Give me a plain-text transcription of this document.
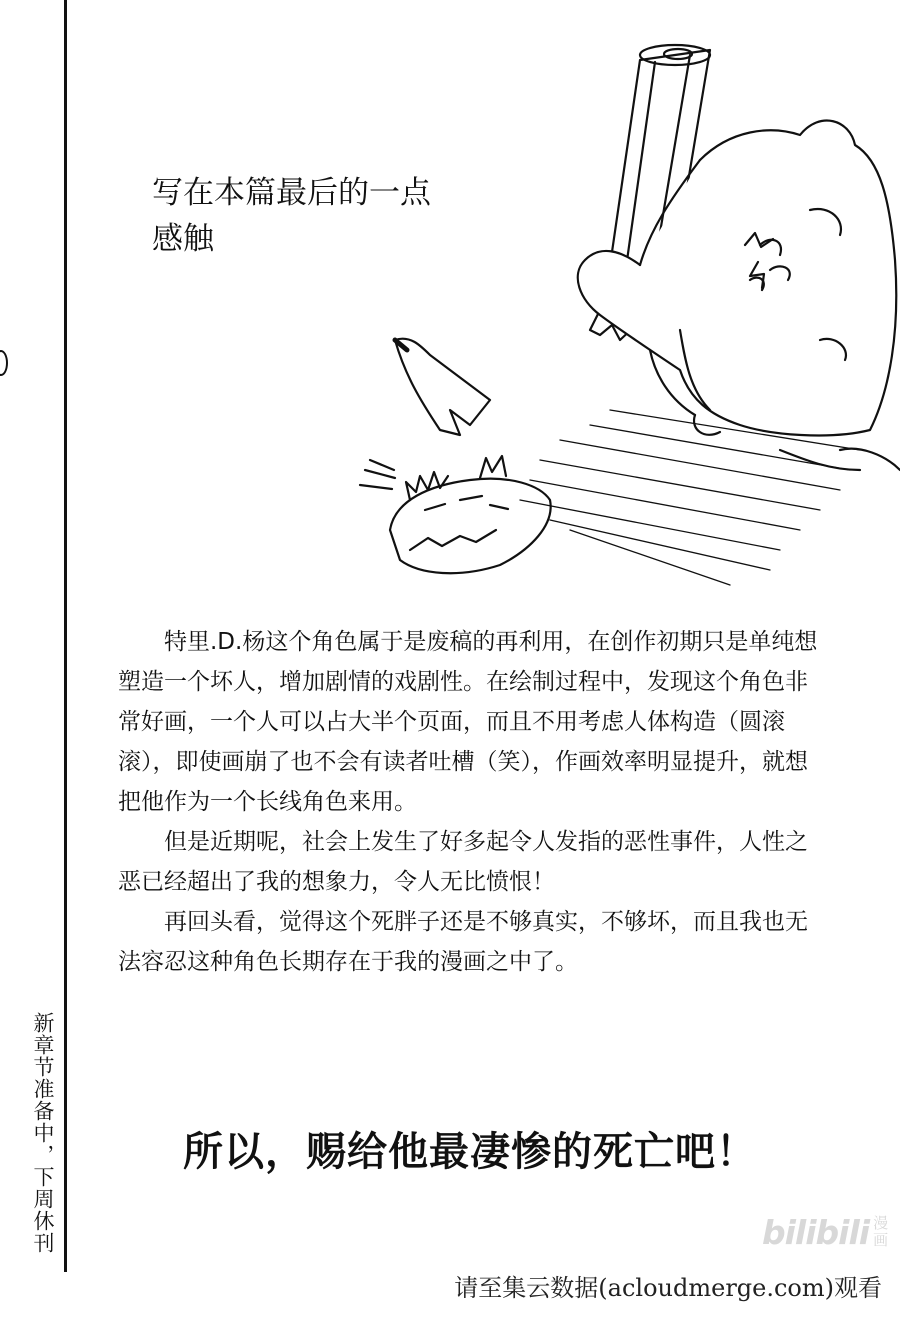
新章节准备中，下周休刊
写在本篇最后的一点
感触

特里.D.杨这个角色属于是废稿的再利用，在创作初期只是单纯想塑造一个坏人，增加剧情的戏剧性。在绘制过程中，发现这个角色非常好画，一个人可以占大半个页面，而且不用考虑人体构造（圆滚滚），即使画崩了也不会有读者吐槽（笑），作画效率明显提升，就想把他作为一个长线角色来用。

但是近期呢，社会上发生了好多起令人发指的恶性事件，人性之恶已经超出了我的想象力，令人无比愤恨！

再回头看，觉得这个死胖子还是不够真实，不够坏，而且我也无法容忍这种角色长期存在于我的漫画之中了。

所以，赐给他最凄惨的死亡吧！
bilibili 漫画
请至集云数据(acloudmerge.com)观看
